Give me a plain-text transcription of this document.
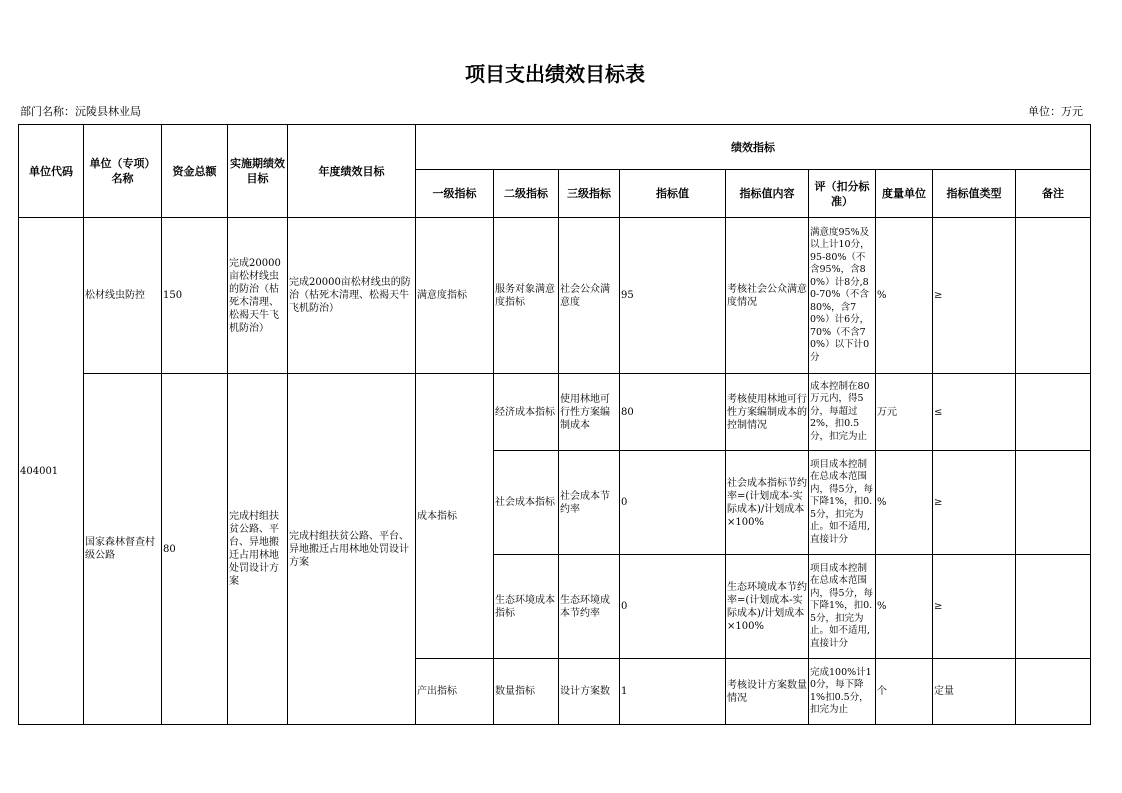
项目支出绩效目标表
部门名称：沅陵县林业局	单位：万元
单位代码	单位（专项）名称	资金总额	实施期绩效目标	年度绩效目标	绩效指标								
					一级指标	二级指标	三级指标	指标值	指标值内容	评（扣分标准）	度量单位	指标值类型	备注
404001	松材线虫防控	150	完成20000亩松材线虫的防治（枯死木清理、松褐天牛飞机防治）	完成20000亩松材线虫的防治（枯死木清理、松褐天牛飞机防治）	满意度指标	服务对象满意度指标	社会公众满意度	95	考核社会公众满意度情况	满意度95%及以上计10分，95-80%（不含95%，含80%）计8分,80-70%（不含80%，含70%）计6分，70%（不含70%）以下计0分	%	≥	
	国家森林督查村级公路	80	完成村组扶贫公路、平台、异地搬迁占用林地处罚设计方案	完成村组扶贫公路、平台、异地搬迁占用林地处罚设计方案	成本指标	经济成本指标	使用林地可行性方案编制成本	80	考核使用林地可行性方案编制成本的控制情况	成本控制在80万元内，得5分，每超过2%，扣0.5分，扣完为止	万元	≤	
						社会成本指标	社会成本节约率	0	社会成本指标节约率=(计划成本-实际成本)/计划成本×100%	项目成本控制在总成本范围内，得5分，每下降1%，扣0.5分，扣完为止。如不适用,直接计分	%	≥	
						生态环境成本指标	生态环境成本节约率	0	生态环境成本节约率=(计划成本-实际成本)/计划成本×100%	项目成本控制在总成本范围内，得5分，每下降1%，扣0.5分，扣完为止。如不适用,直接计分	%	≥	
					产出指标	数量指标	设计方案数	1	考核设计方案数量情况	完成100%计10分，每下降1%扣0.5分，扣完为止	个	定量	
